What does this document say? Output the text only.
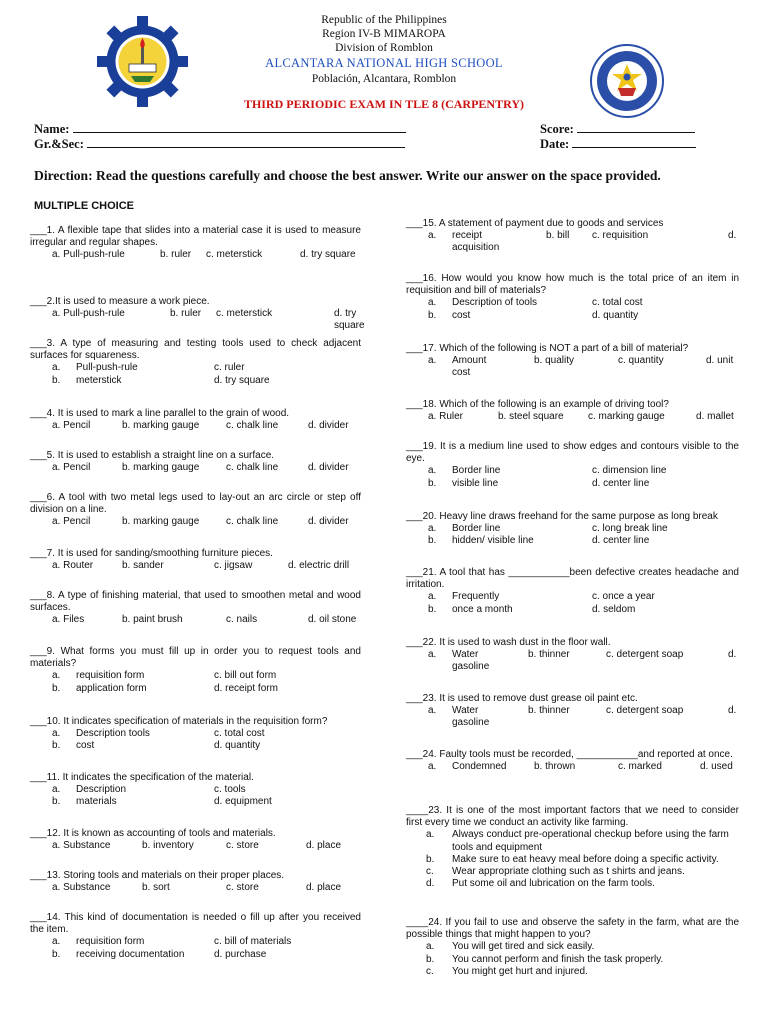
Republic of the Philippines
Region IV-B MIMAROPA
Division of Romblon
ALCANTARA NATIONAL HIGH SCHOOL
Población, Alcantara, Romblon
THIRD PERIODIC EXAM IN TLE 8 (CARPENTRY)
Name:
Gr.&Sec:
Score:
Date:
Direction: Read the questions carefully and choose the best answer. Write our answer on the space provided.
MULTIPLE CHOICE
___1. A flexible tape that slides into a material case it is used to measure irregular and regular shapes.
a. Pull-push-rule	b. ruler c. meterstick	d. try square
___2.It is used to measure a work piece.
a. Pull-push-rule	b. ruler c. meterstick	d. try square
___3. A type of measuring and testing tools used to check adjacent surfaces for squareness.
a. Pull-push-rule	c. ruler
b. meterstick	d. try square
___4. It is used to mark a line parallel to the grain of wood.
a. Pencil	b. marking gauge	c. chalk line	d. divider
___5. It is used to establish a straight line on a surface.
a. Pencil	b. marking gauge	c. chalk line	d. divider
___6. A tool with two metal legs used to lay-out an arc circle or step off division on a line.
a. Pencil	b. marking gauge	c. chalk line	d. divider
___7. It is used for sanding/smoothing furniture pieces.
a. Router	b. sander	c. jigsaw	d. electric drill
___8. A type of finishing material, that used to smoothen metal and wood surfaces.
a. Files	b. paint brush	c. nails	d. oil stone
___9. What forms you must fill up in order you to request tools and materials?
a. requisition form	c. bill out form
b. application form	d. receipt form
___10. It indicates specification of materials in the requisition form?
a. Description tools	c. total cost
b. cost	d. quantity
___11. It indicates the specification of the material.
a. Description	c. tools
b. materials	d. equipment
___12. It is known as accounting of tools and materials.
a. Substance	b. inventory	c. store	d. place
___13. Storing tools and materials on their proper places.
a. Substance	b. sort	c. store	d. place
___14. This kind of documentation is needed o fill up after you received the item.
a. requisition form	c. bill of materials
b. receiving documentation	d. purchase
___15. A statement of payment due to goods and services
a. receipt	b. bill c. requisition	d.
acquisition
___16. How would you know how much is the total price of an item in requisition and bill of materials?
a. Description of tools	c. total cost
b. cost	d. quantity
___17. Which of the following is NOT a part of a bill of material?
a. Amount	b. quality	c. quantity	d. unit
cost
___18. Which of the following is an example of driving tool?
a. Ruler	b. steel square c. marking gauge	d. mallet
___19. It is a medium line used to show edges and contours visible to the eye.
a. Border line	c. dimension line
b. visible line	d. center line
___20. Heavy line draws freehand for the same purpose as long break
a. Border line	c. long break line
b. hidden/ visible line	d. center line
___21. A tool that has ___________been defective creates headache and irritation.
a. Frequently	c. once a year
b. once a month	d. seldom
___22. It is used to wash dust in the floor wall.
a. Water	b. thinner	c. detergent soap	d.
gasoline
___23. It is used to remove dust grease oil paint etc.
a. Water	b. thinner	c. detergent soap	d.
gasoline
___24. Faulty tools must be recorded, ___________and reported at once.
a. Condemned	b. thrown	c. marked	d. used
____23. It is one of the most important factors that we need to consider first every time we conduct an activity like farming.
a.	Always conduct pre-operational checkup before using the farm tools and equipment
b.	Make sure to eat heavy meal before doing a specific activity.
c.	Wear appropriate clothing such as t shirts and jeans.
d.	Put some oil and lubrication on the farm tools.
____24. If you fail to use and observe the safety in the farm, what are the possible things that might happen to you?
a.	You will get tired and sick easily.
b.	You cannot perform and finish the task properly.
c.	You might get hurt and injured.
